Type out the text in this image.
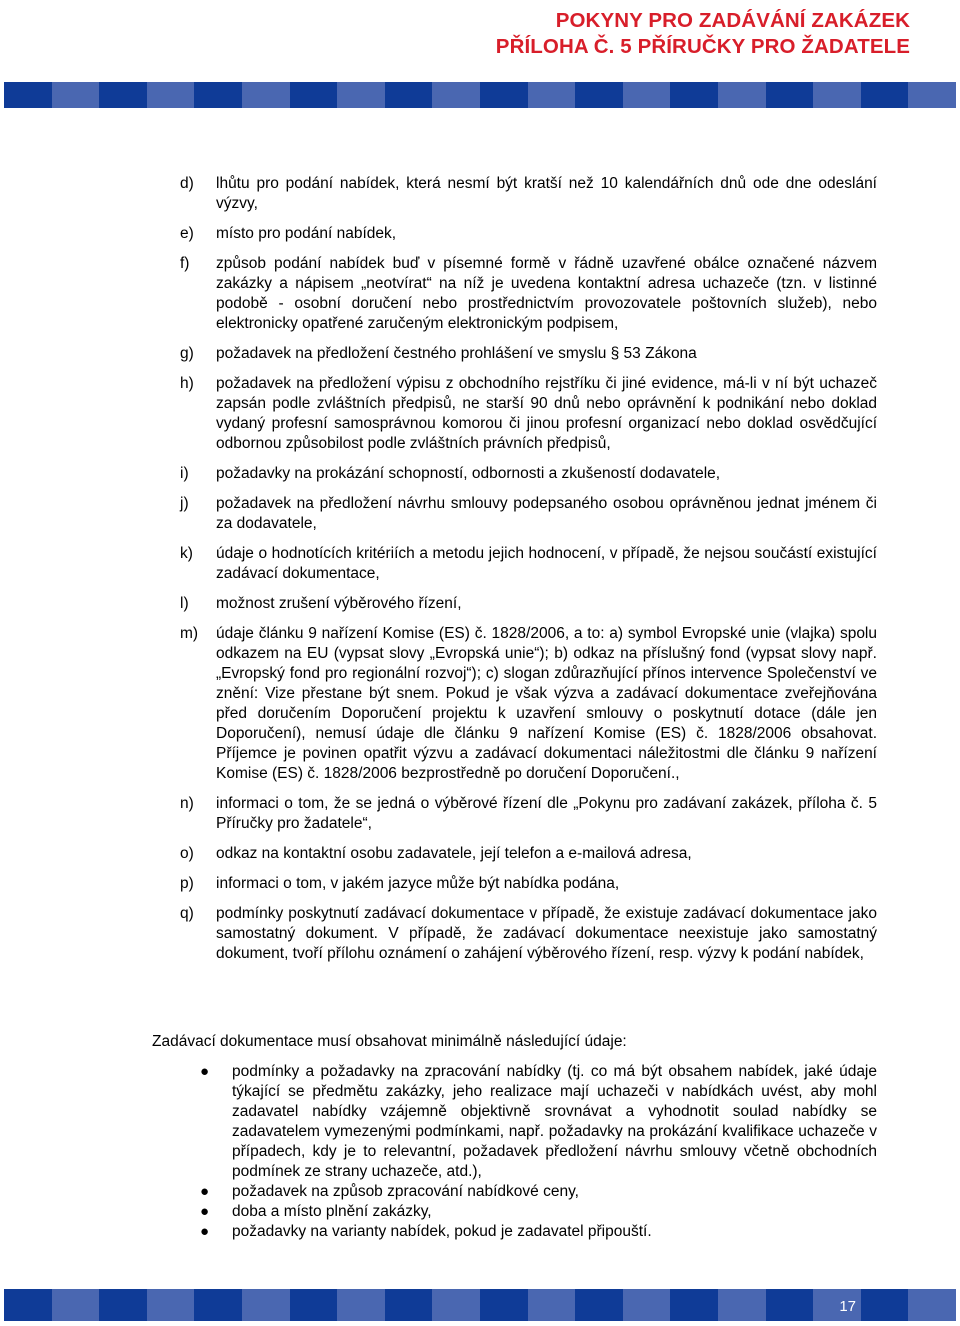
POKYNY PRO ZADÁVÁNÍ ZAKÁZEK
PŘÍLOHA Č. 5 PŘÍRUČKY PRO ŽADATELE
d)	lhůtu pro podání nabídek, která nesmí být kratší než 10 kalendářních dnů ode dne odeslání výzvy,
e)	místo pro podání nabídek,
f)	způsob podání nabídek buď v písemné formě v řádně uzavřené obálce označené názvem zakázky a nápisem „neotvírat“ na níž je uvedena kontaktní adresa uchazeče (tzn. v listinné podobě - osobní doručení nebo prostřednictvím provozovatele poštovních služeb), nebo elektronicky opatřené zaručeným elektronickým podpisem,
g)	požadavek na předložení čestného prohlášení ve smyslu § 53 Zákona
h)	požadavek na předložení výpisu z obchodního rejstříku či jiné evidence, má-li v ní být uchazeč zapsán podle zvláštních předpisů, ne starší 90 dnů nebo oprávnění k podnikání nebo doklad vydaný profesní samosprávnou komorou či jinou profesní organizací nebo doklad osvědčující odbornou způsobilost podle zvláštních právních předpisů,
i)	požadavky na prokázání schopností, odbornosti a zkušeností dodavatele,
j)	požadavek na předložení návrhu smlouvy podepsaného osobou oprávněnou jednat jménem či za dodavatele,
k)	údaje o hodnotících kritériích a metodu jejich hodnocení, v případě, že nejsou součástí existující zadávací dokumentace,
l)	možnost zrušení výběrového řízení,
m)	údaje článku 9 nařízení Komise (ES) č. 1828/2006, a to: a) symbol Evropské unie (vlajka) spolu odkazem na EU (vypsat slovy „Evropská unie“); b) odkaz na příslušný fond (vypsat slovy např. „Evropský fond pro regionální rozvoj“); c) slogan zdůrazňující přínos intervence Společenství ve znění: Vize přestane být snem. Pokud je však výzva a zadávací dokumentace zveřejňována před doručením Doporučení projektu k uzavření smlouvy o poskytnutí dotace (dále jen Doporučení), nemusí údaje dle článku 9 nařízení Komise (ES) č. 1828/2006 obsahovat. Příjemce je povinen opatřit výzvu a zadávací dokumentaci náležitostmi dle článku 9 nařízení Komise (ES) č. 1828/2006 bezprostředně po doručení Doporučení.,
n)	informaci o tom, že se jedná o výběrové řízení dle „Pokynu pro zadávaní zakázek, příloha č. 5 Příručky pro žadatele“,
o)	odkaz na kontaktní osobu zadavatele, její telefon a e-mailová adresa,
p)	informaci o tom, v jakém jazyce může být nabídka podána,
q)	podmínky poskytnutí zadávací dokumentace v případě, že existuje zadávací dokumentace jako samostatný dokument. V případě, že zadávací dokumentace neexistuje jako samostatný dokument, tvoří přílohu oznámení o zahájení výběrového řízení, resp. výzvy k podání nabídek,
Zadávací dokumentace musí obsahovat minimálně následující údaje:
●	podmínky a požadavky na zpracování nabídky (tj. co má být obsahem nabídek, jaké údaje týkající se předmětu zakázky, jeho realizace mají uchazeči v nabídkách uvést, aby mohl zadavatel nabídky vzájemně objektivně srovnávat a vyhodnotit soulad nabídky se zadavatelem vymezenými podmínkami, např. požadavky na prokázání kvalifikace uchazeče v případech, kdy je to relevantní, požadavek předložení návrhu smlouvy včetně obchodních podmínek ze strany uchazeče, atd.),
●	požadavek na způsob zpracování nabídkové ceny,
●	doba a místo plnění zakázky,
●	požadavky na varianty nabídek, pokud je zadavatel připouští.
17
